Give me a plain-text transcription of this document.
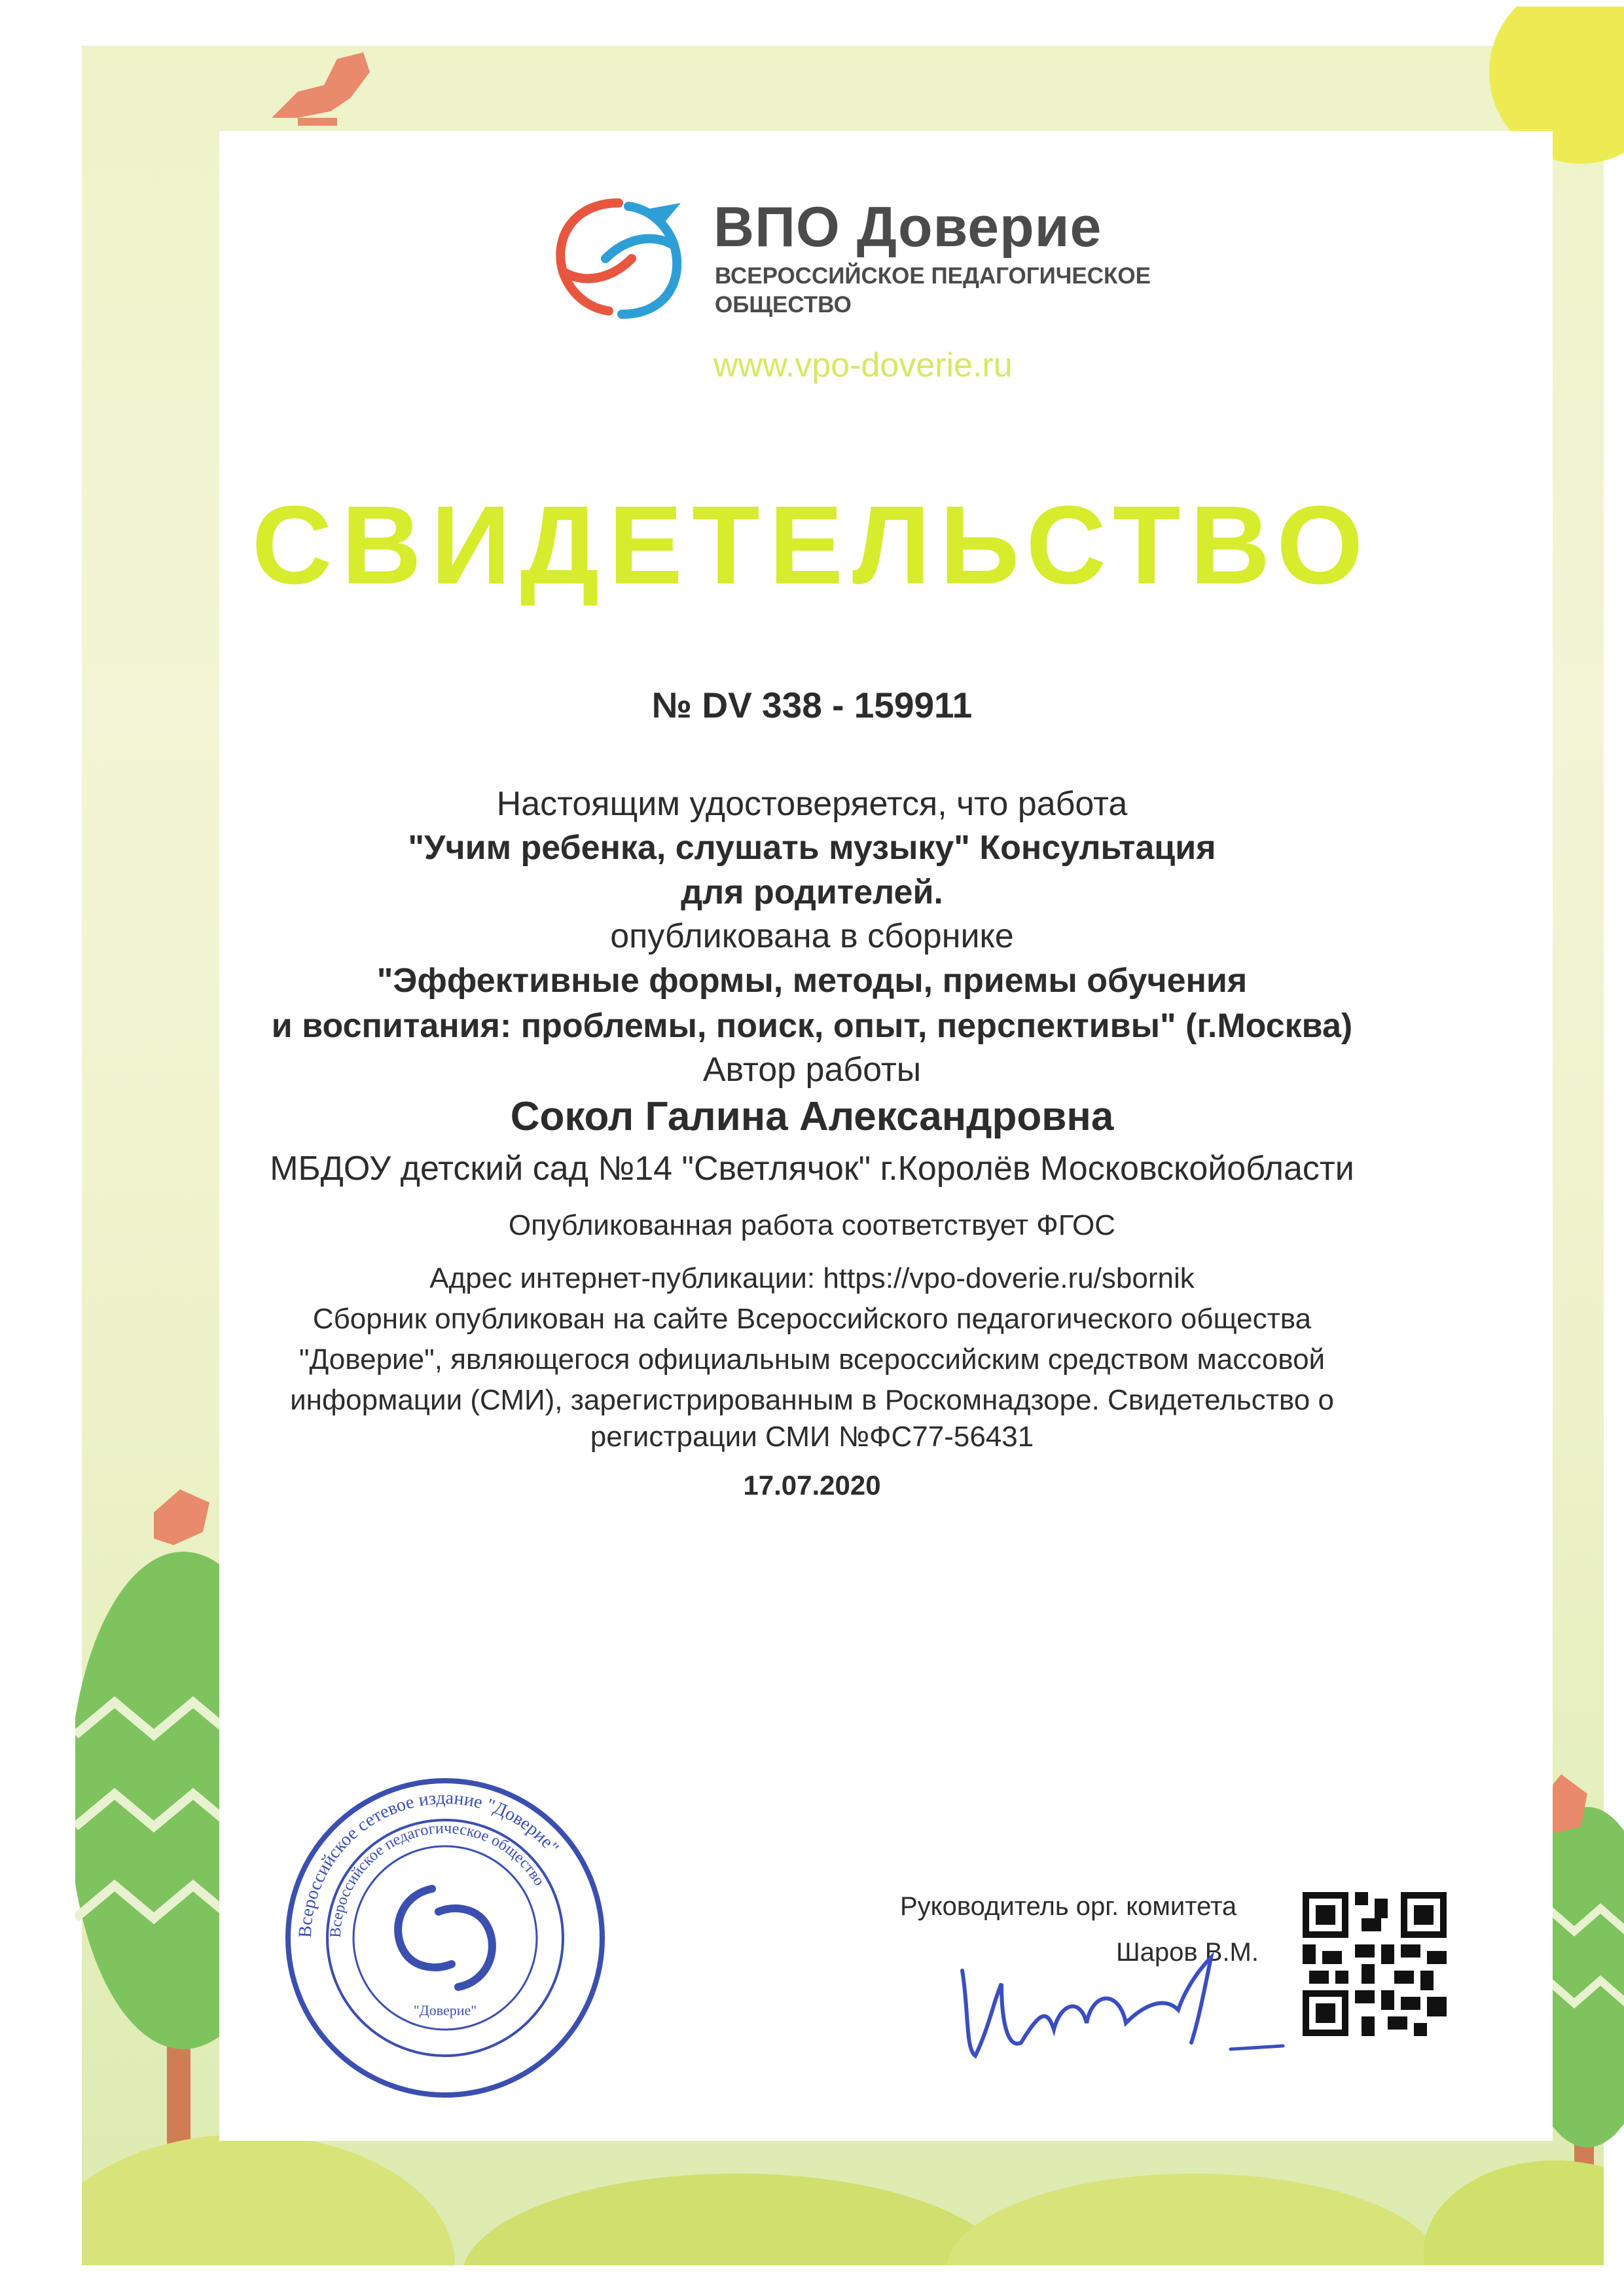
ВПО Доверие
ВСЕРОССИЙСКОЕ ПЕДАГОГИЧЕСКОЕ
ОБЩЕСТВО
www.vpo-doverie.ru
СВИДЕТЕЛЬСТВО
№ DV 338 - 159911
Настоящим удостоверяется, что работа
"Учим ребенка, слушать музыку" Консультация
для родителей.
опубликована в сборнике
"Эффективные формы, методы, приемы обучения
и воспитания: проблемы, поиск, опыт, перспективы" (г.Москва)
Автор работы
Сокол Галина Александровна
МБДОУ детский сад №14 "Светлячок" г.Королёв Московскойобласти
Опубликованная работа соответствует ФГОС
Адрес интернет-публикации: https://vpo-doverie.ru/sbornik
Сборник опубликован на сайте Всероссийского педагогического общества
"Доверие", являющегося официальным всероссийским средством массовой
информации (СМИ), зарегистрированным в Роскомнадзоре. Свидетельство о
регистрации СМИ №ФС77-56431
17.07.2020
Всероссийское сетевое издание "Доверие"
Всероссийское педагогическое общество
"Доверие"
Руководитель орг. комитета
Шаров В.М.
